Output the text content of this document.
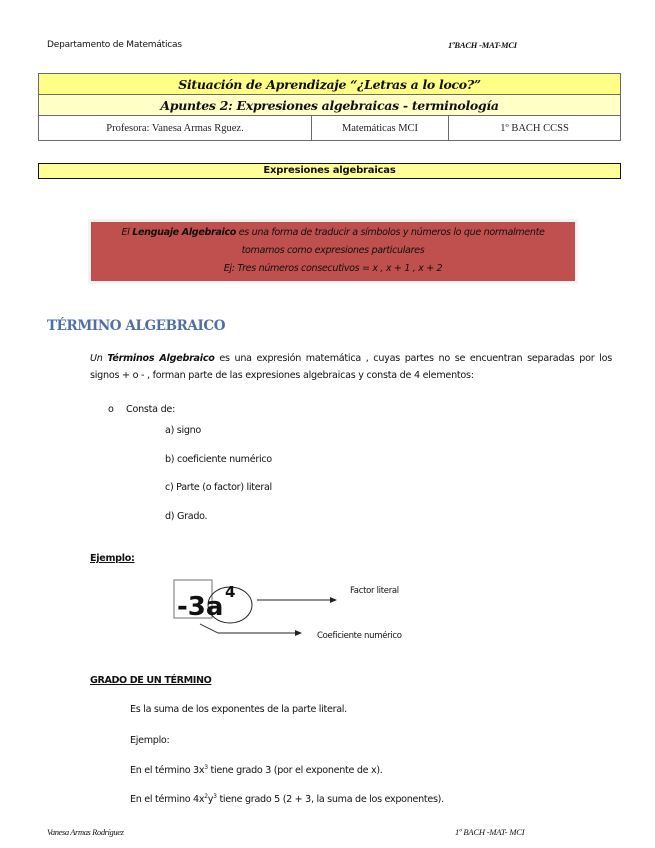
Departamento de Matemáticas	1ºBACH -MAT-MCI
Situación de Aprendizaje “¿Letras a lo loco?”
Apuntes 2: Expresiones algebraicas - terminología
Profesora: Vanesa Armas Rguez.	Matemáticas MCI	1º BACH CCSS
Expresiones algebraicas
El Lenguaje Algebraico es una forma de traducir a símbolos y números lo que normalmente
tomamos como expresiones particulares
Ej: Tres números consecutivos = x , x + 1 , x + 2
TÉRMINO ALGEBRAICO
Un Términos Algebraico es una expresión matemática , cuyas partes no se encuentran separadas por los signos + o - , forman parte de las expresiones algebraicas y consta de 4 elementos:
o Consta de:
a) signo
b) coeficiente numérico
c) Parte (o factor) literal
d) Grado.
Ejemplo:
-3a 4	Factor literal
Coeficiente numérico
GRADO DE UN TÉRMINO
Es la suma de los exponentes de la parte literal.
Ejemplo:
En el término $3x^3$ tiene grado 3 (por el exponente de x).
En el término $4x^2y^3$ tiene grado 5 (2 + 3, la suma de los exponentes).
Vanesa Armas Rodríguez	1º BACH -MAT- MCI
